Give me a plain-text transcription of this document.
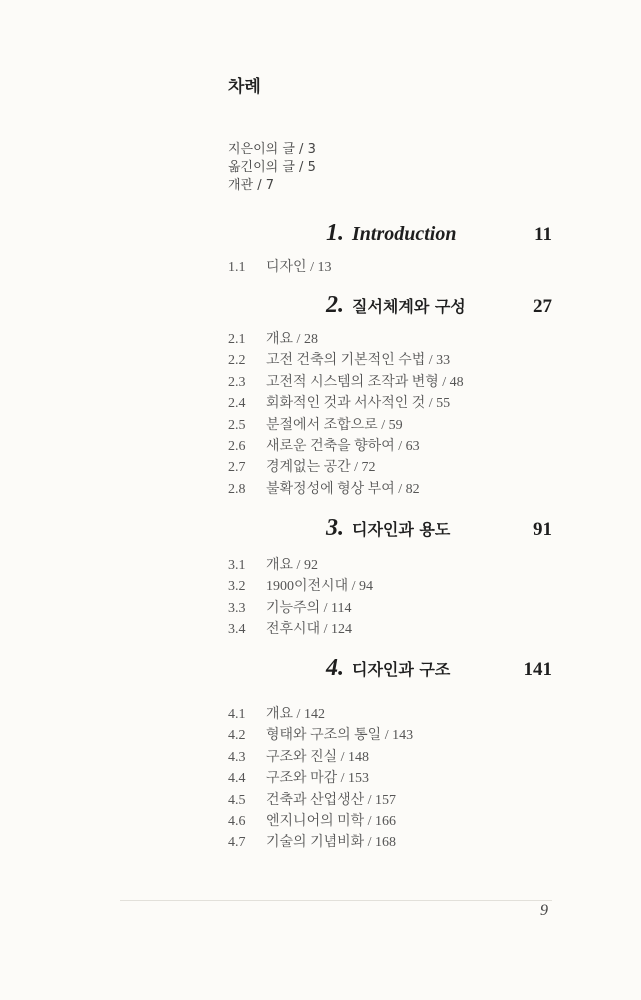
차례
지은이의 글 / 3
옮긴이의 글 / 5
개관 / 7
1. Introduction	11
1.1 디자인 / 13
2. 질서체계와 구성	27
2.1 개요 / 28
2.2 고전 건축의 기본적인 수법 / 33
2.3 고전적 시스템의 조작과 변형 / 48
2.4 회화적인 것과 서사적인 것 / 55
2.5 분절에서 조합으로 / 59
2.6 새로운 건축을 향하여 / 63
2.7 경계없는 공간 / 72
2.8 불확정성에 형상 부여 / 82
3. 디자인과 용도	91
3.1 개요 / 92
3.2 1900이전시대 / 94
3.3 기능주의 / 114
3.4 전후시대 / 124
4. 디자인과 구조	141
4.1 개요 / 142
4.2 형태와 구조의 통일 / 143
4.3 구조와 진실 / 148
4.4 구조와 마감 / 153
4.5 건축과 산업생산 / 157
4.6 엔지니어의 미학 / 166
4.7 기술의 기념비화 / 168
9
